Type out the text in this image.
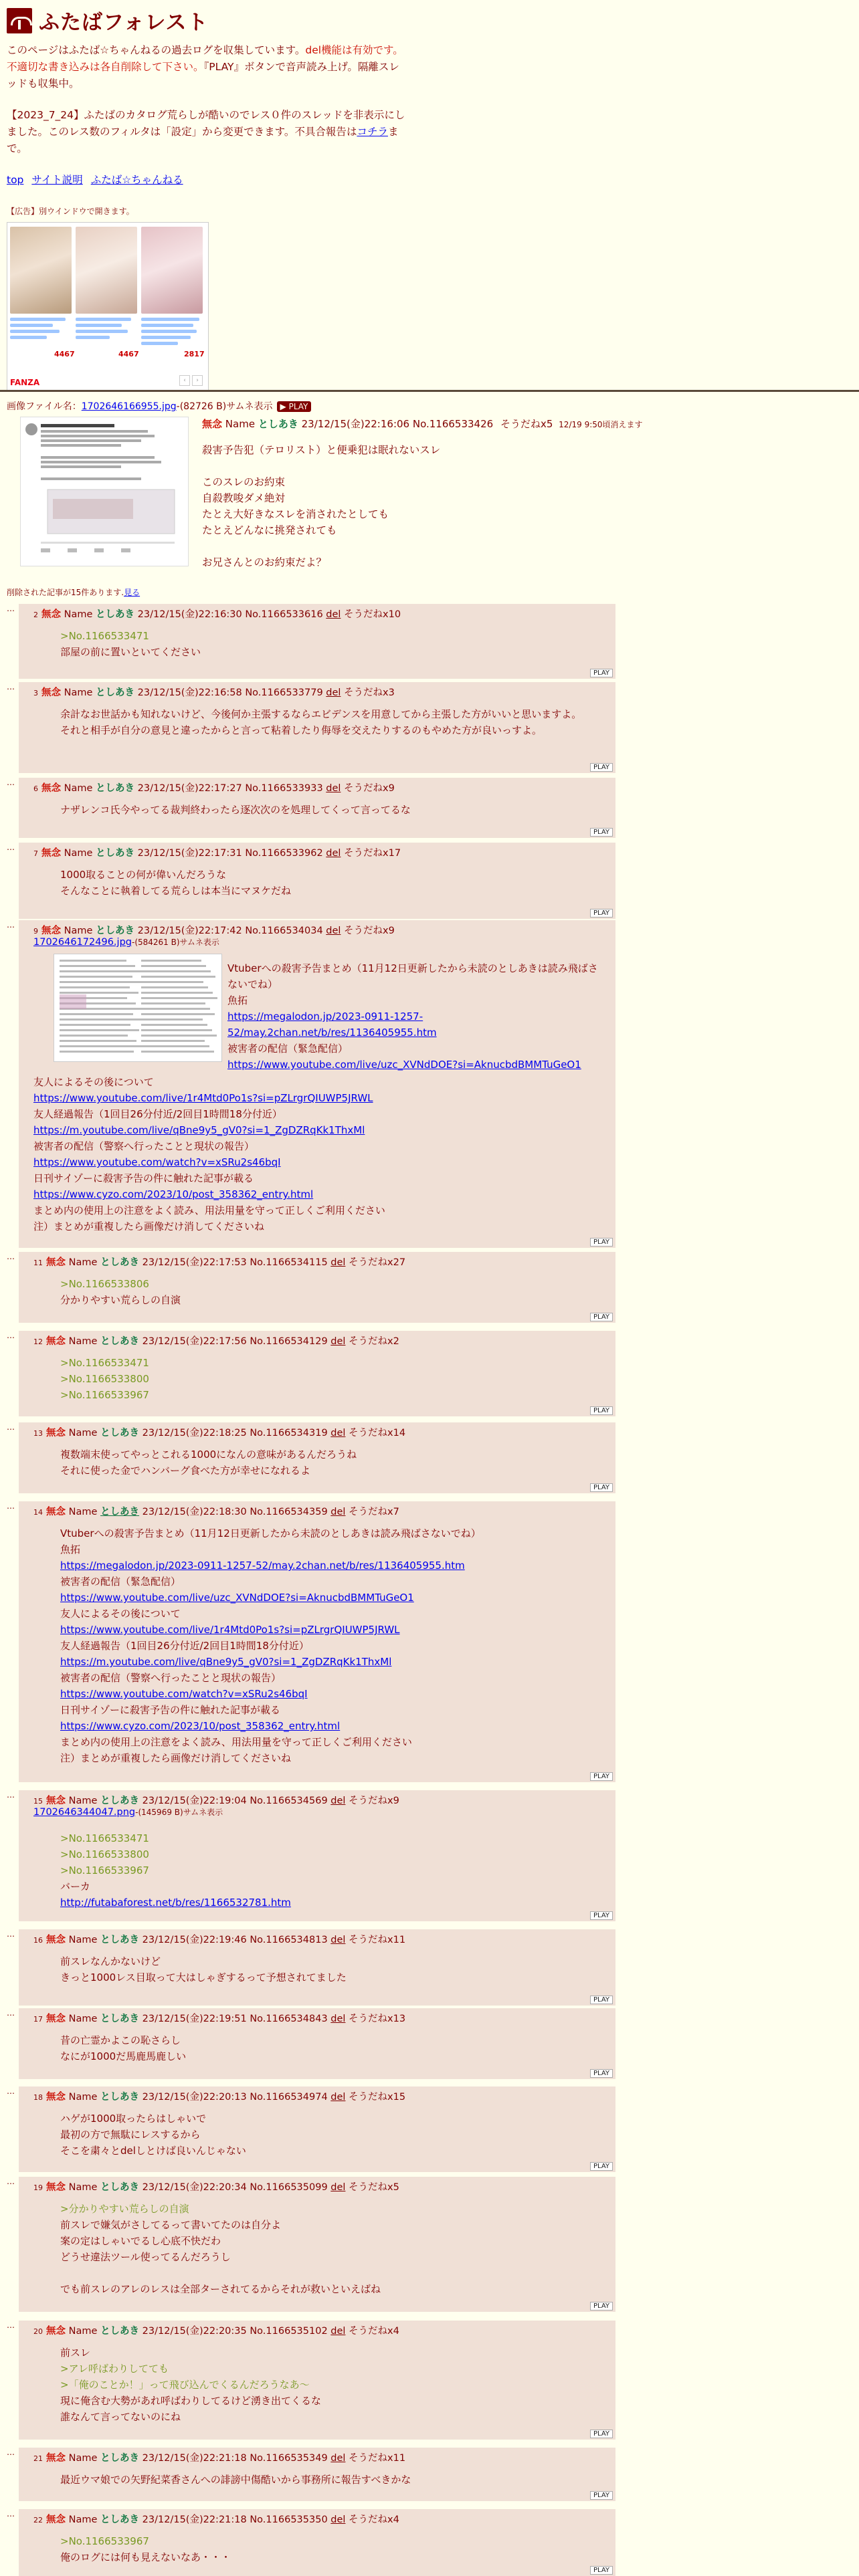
ふたばフォレスト
このページはふたば☆ちゃんねるの過去ログを収集しています。del機能は有効です。不適切な書き込みは各自削除して下さい。『PLAY』ボタンで音声読み上げ。隔離スレッドも収集中。
【2023_7_24】ふたばのカタログ荒らしが酷いのでレス０件のスレッドを非表示にしました。このレス数のフィルタは「設定」から変更できます。不具合報告はコチラまで。
top サイト説明 ふたば☆ちゃんねる
【広告】別ウインドウで開きます。
4467	4467	2817
FANZA	‹	›
画像ファイル名：1702646166955.jpg-(82726 B)サムネ表示 ▶ PLAY
無念 Name としあき 23/12/15(金)22:16:06 No.1166533426 そうだねx5 12/19 9:50頃消えます
殺害予告犯（テロリスト）と便乗犯は眠れないスレ

このスレのお約束
自殺教唆ダメ絶対
たとえ大好きなスレを消されたとしても
たとえどんなに挑発されても

お兄さんとのお約束だよ？
削除された記事が15件あります.見る
…
2 無念 Name としあき 23/12/15(金)22:16:30 No.1166533616 del そうだねx10
>No.1166533471
部屋の前に置いといてください
PLAY
…
3 無念 Name としあき 23/12/15(金)22:16:58 No.1166533779 del そうだねx3
余計なお世話かも知れないけど、今後何か主張するならエビデンスを用意してから主張した方がいいと思いますよ。
それと相手が自分の意見と違ったからと言って粘着したり侮辱を交えたりするのもやめた方が良いっすよ。
PLAY
…
6 無念 Name としあき 23/12/15(金)22:17:27 No.1166533933 del そうだねx9
ナザレンコ氏今やってる裁判終わったら逐次次のを処理してくって言ってるな
PLAY
…
7 無念 Name としあき 23/12/15(金)22:17:31 No.1166533962 del そうだねx17
1000取ることの何が偉いんだろうな
そんなことに執着してる荒らしは本当にマヌケだね
PLAY
…
9 無念 Name としあき 23/12/15(金)22:17:42 No.1166534034 del そうだねx9
1702646172496.jpg-(584261 B)サムネ表示
Vtuberへの殺害予告まとめ（11月12日更新したから未読のとしあきは読み飛ばさないでね）
魚拓
https://megalodon.jp/2023-0911-1257-52/may.2chan.net/b/res/1136405955.htm
被害者の配信（緊急配信）
https://www.youtube.com/live/uzc_XVNdDOE?si=AknucbdBMMTuGeO1
友人によるその後について
https://www.youtube.com/live/1r4Mtd0Po1s?si=pZLrgrQIUWP5JRWL
友人経過報告（1回目26分付近/2回目1時間18分付近）
https://m.youtube.com/live/qBne9y5_gV0?si=1_ZgDZRqKk1ThxMl
被害者の配信（警察へ行ったことと現状の報告）
https://www.youtube.com/watch?v=xSRu2s46bqI
日刊サイゾーに殺害予告の件に触れた記事が載る
https://www.cyzo.com/2023/10/post_358362_entry.html
まとめ内の使用上の注意をよく読み、用法用量を守って正しくご利用ください
注）まとめが重複したら画像だけ消してくださいね
PLAY
…
11 無念 Name としあき 23/12/15(金)22:17:53 No.1166534115 del そうだねx27
>No.1166533806
分かりやすい荒らしの自演
PLAY
…
12 無念 Name としあき 23/12/15(金)22:17:56 No.1166534129 del そうだねx2
>No.1166533471
>No.1166533800
>No.1166533967
PLAY
…
13 無念 Name としあき 23/12/15(金)22:18:25 No.1166534319 del そうだねx14
複数端末使ってやっとこれる1000になんの意味があるんだろうね
それに使った金でハンバーグ食べた方が幸せになれるよ
PLAY
…
14 無念 Name としあき 23/12/15(金)22:18:30 No.1166534359 del そうだねx7
Vtuberへの殺害予告まとめ（11月12日更新したから未読のとしあきは読み飛ばさないでね）
魚拓
https://megalodon.jp/2023-0911-1257-52/may.2chan.net/b/res/1136405955.htm
被害者の配信（緊急配信）
https://www.youtube.com/live/uzc_XVNdDOE?si=AknucbdBMMTuGeO1
友人によるその後について
https://www.youtube.com/live/1r4Mtd0Po1s?si=pZLrgrQIUWP5JRWL
友人経過報告（1回目26分付近/2回目1時間18分付近）
https://m.youtube.com/live/qBne9y5_gV0?si=1_ZgDZRqKk1ThxMl
被害者の配信（警察へ行ったことと現状の報告）
https://www.youtube.com/watch?v=xSRu2s46bqI
日刊サイゾーに殺害予告の件に触れた記事が載る
https://www.cyzo.com/2023/10/post_358362_entry.html
まとめ内の使用上の注意をよく読み、用法用量を守って正しくご利用ください
注）まとめが重複したら画像だけ消してくださいね
PLAY
…
15 無念 Name としあき 23/12/15(金)22:19:04 No.1166534569 del そうだねx9
1702646344047.png-(145969 B)サムネ表示
>No.1166533471
>No.1166533800
>No.1166533967
バーカ
http://futabaforest.net/b/res/1166532781.htm
PLAY
…
16 無念 Name としあき 23/12/15(金)22:19:46 No.1166534813 del そうだねx11
前スレなんかないけど
きっと1000レス目取って大はしゃぎするって予想されてました
PLAY
…
17 無念 Name としあき 23/12/15(金)22:19:51 No.1166534843 del そうだねx13
昔の亡霊かよこの恥さらし
なにが1000だ馬鹿馬鹿しい
PLAY
…
18 無念 Name としあき 23/12/15(金)22:20:13 No.1166534974 del そうだねx15
ハゲが1000取ったらはしゃいで
最初の方で無駄にレスするから
そこを粛々とdelしとけば良いんじゃない
PLAY
…
19 無念 Name としあき 23/12/15(金)22:20:34 No.1166535099 del そうだねx5
>分かりやすい荒らしの自演
前スレで嫌気がさしてるって書いてたのは自分よ
案の定はしゃいでるし心底不快だわ
どうせ違法ツール使ってるんだろうし

でも前スレのアレのレスは全部ターされてるからそれが救いといえばね
PLAY
…
20 無念 Name としあき 23/12/15(金)22:20:35 No.1166535102 del そうだねx4
前スレ
>アレ呼ばわりしてても
>「俺のことか！」って飛び込んでくるんだろうなあ～
現に俺含む大勢があれ呼ばわりしてるけど湧き出てくるな
誰なんて言ってないのにね
PLAY
…
21 無念 Name としあき 23/12/15(金)22:21:18 No.1166535349 del そうだねx11
最近ウマ娘での矢野紀菜香さんへの誹謗中傷酷いから事務所に報告すべきかな
PLAY
…
22 無念 Name としあき 23/12/15(金)22:21:18 No.1166535350 del そうだねx4
>No.1166533967
俺のログには何も見えないなあ・・・
PLAY
